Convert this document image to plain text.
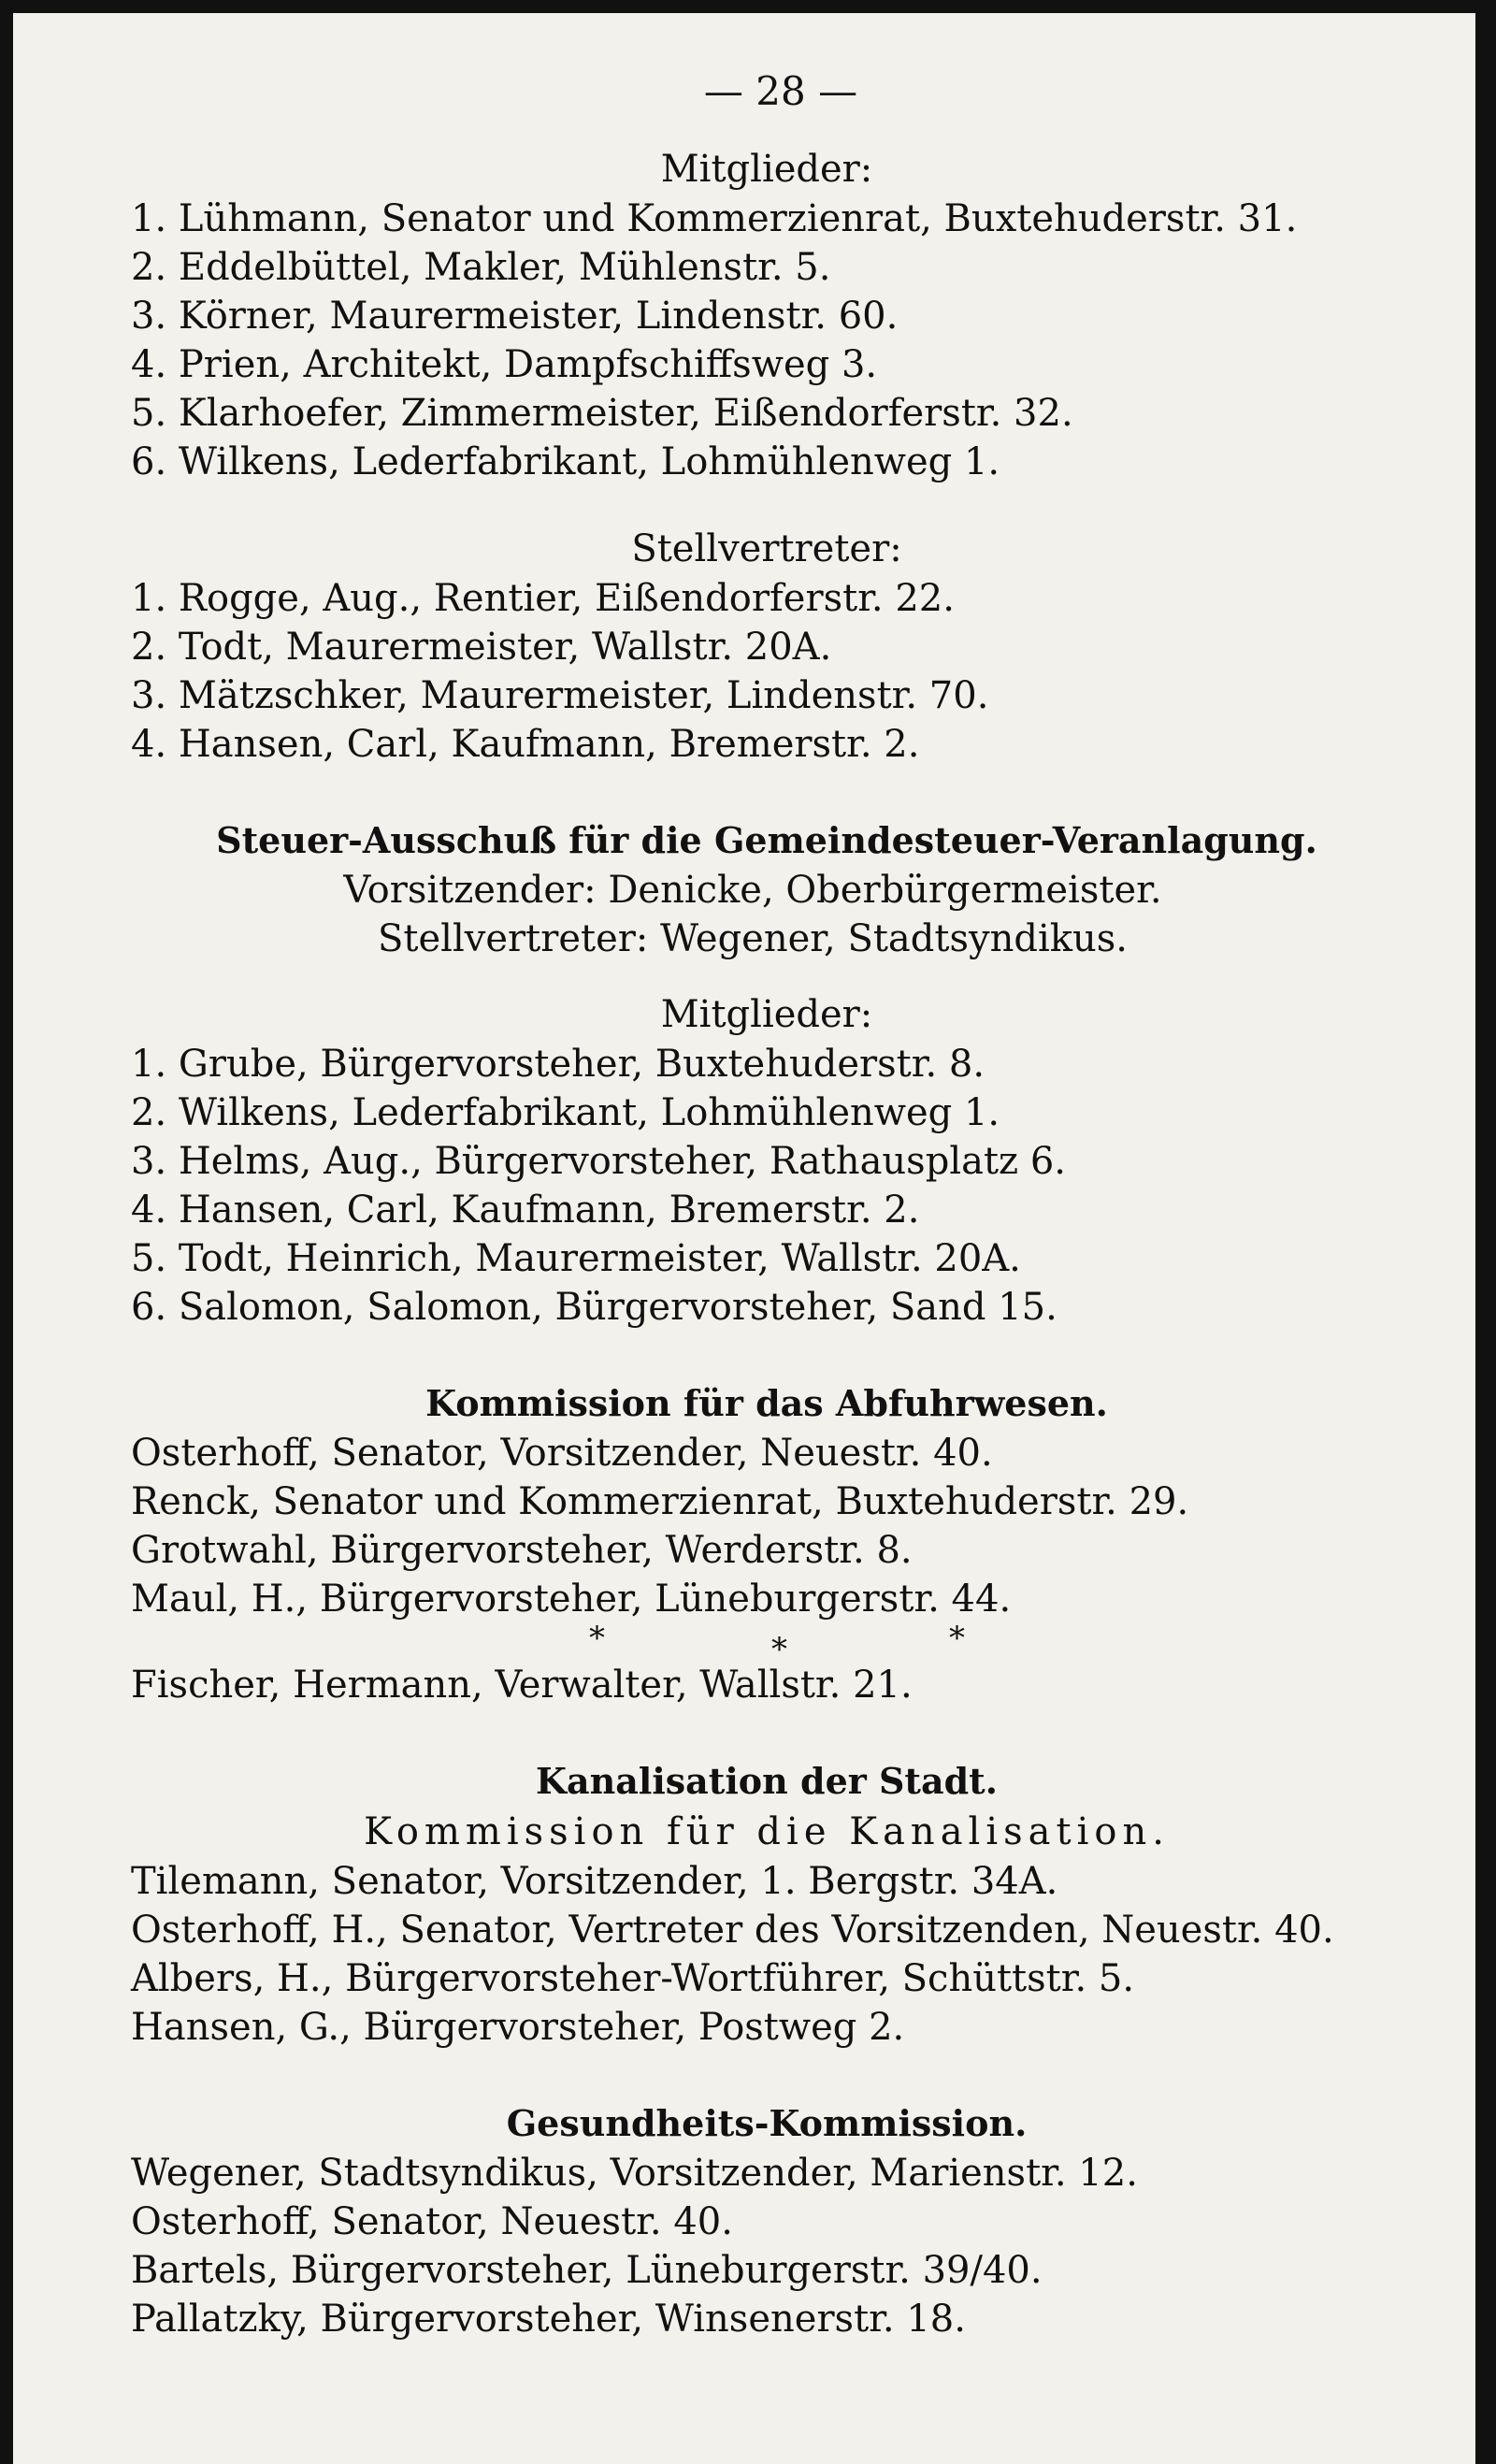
— 28 —
Mitglieder:
1. Lühmann, Senator und Kommerzienrat, Buxtehuderstr. 31.
2. Eddelbüttel, Makler, Mühlenstr. 5.
3. Körner, Maurermeister, Lindenstr. 60.
4. Prien, Architekt, Dampfschiffsweg 3.
5. Klarhoefer, Zimmermeister, Eißendorferstr. 32.
6. Wilkens, Lederfabrikant, Lohmühlenweg 1.
Stellvertreter:
1. Rogge, Aug., Rentier, Eißendorferstr. 22.
2. Todt, Maurermeister, Wallstr. 20A.
3. Mätzschker, Maurermeister, Lindenstr. 70.
4. Hansen, Carl, Kaufmann, Bremerstr. 2.
Steuer-Ausschuß für die Gemeindesteuer-Veranlagung.
Vorsitzender: Denicke, Oberbürgermeister.
Stellvertreter: Wegener, Stadtsyndikus.
Mitglieder:
1. Grube, Bürgervorsteher, Buxtehuderstr. 8.
2. Wilkens, Lederfabrikant, Lohmühlenweg 1.
3. Helms, Aug., Bürgervorsteher, Rathausplatz 6.
4. Hansen, Carl, Kaufmann, Bremerstr. 2.
5. Todt, Heinrich, Maurermeister, Wallstr. 20A.
6. Salomon, Salomon, Bürgervorsteher, Sand 15.
Kommission für das Abfuhrwesen.
Osterhoff, Senator, Vorsitzender, Neuestr. 40.
Renck, Senator und Kommerzienrat, Buxtehuderstr. 29.
Grotwahl, Bürgervorsteher, Werderstr. 8.
Maul, H., Bürgervorsteher, Lüneburgerstr. 44.
*	*	*
Fischer, Hermann, Verwalter, Wallstr. 21.
Kanalisation der Stadt.
Kommission für die Kanalisation.
Tilemann, Senator, Vorsitzender, 1. Bergstr. 34A.
Osterhoff, H., Senator, Vertreter des Vorsitzenden, Neuestr. 40.
Albers, H., Bürgervorsteher-Wortführer, Schüttstr. 5.
Hansen, G., Bürgervorsteher, Postweg 2.
Gesundheits-Kommission.
Wegener, Stadtsyndikus, Vorsitzender, Marienstr. 12.
Osterhoff, Senator, Neuestr. 40.
Bartels, Bürgervorsteher, Lüneburgerstr. 39/40.
Pallatzky, Bürgervorsteher, Winsenerstr. 18.
